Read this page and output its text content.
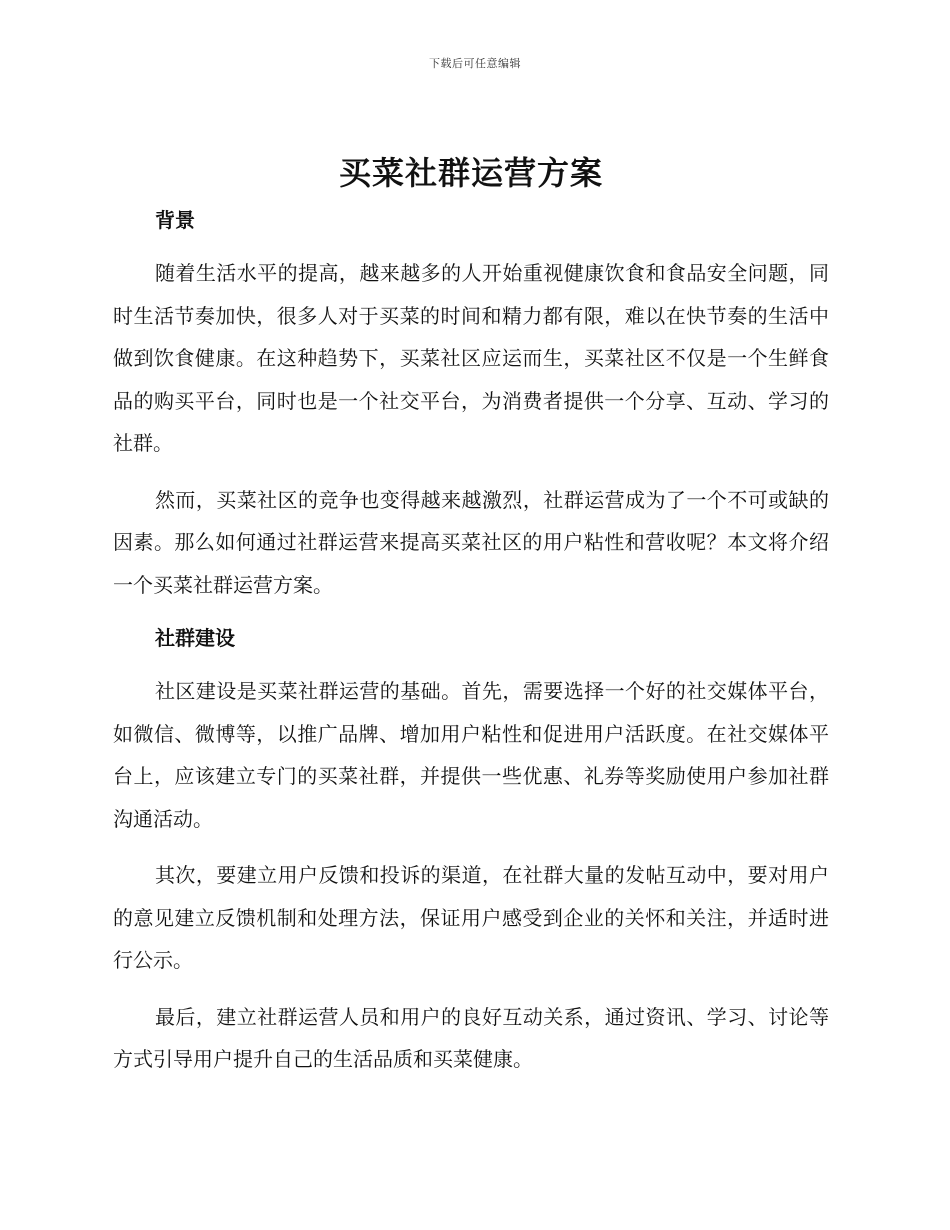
下载后可任意编辑
买菜社群运营方案
背景

随着生活水平的提高，越来越多的人开始重视健康饮食和食品安全问题，同时生活节奏加快，很多人对于买菜的时间和精力都有限，难以在快节奏的生活中做到饮食健康。在这种趋势下，买菜社区应运而生，买菜社区不仅是一个生鲜食品的购买平台，同时也是一个社交平台，为消费者提供一个分享、互动、学习的社群。

然而，买菜社区的竞争也变得越来越激烈，社群运营成为了一个不可或缺的因素。那么如何通过社群运营来提高买菜社区的用户粘性和营收呢？本文将介绍一个买菜社群运营方案。

社群建设

社区建设是买菜社群运营的基础。首先，需要选择一个好的社交媒体平台，如微信、微博等，以推广品牌、增加用户粘性和促进用户活跃度。在社交媒体平台上，应该建立专门的买菜社群，并提供一些优惠、礼券等奖励使用户参加社群沟通活动。

其次，要建立用户反馈和投诉的渠道，在社群大量的发帖互动中，要对用户的意见建立反馈机制和处理方法，保证用户感受到企业的关怀和关注，并适时进行公示。

最后，建立社群运营人员和用户的良好互动关系，通过资讯、学习、讨论等方式引导用户提升自己的生活品质和买菜健康。
